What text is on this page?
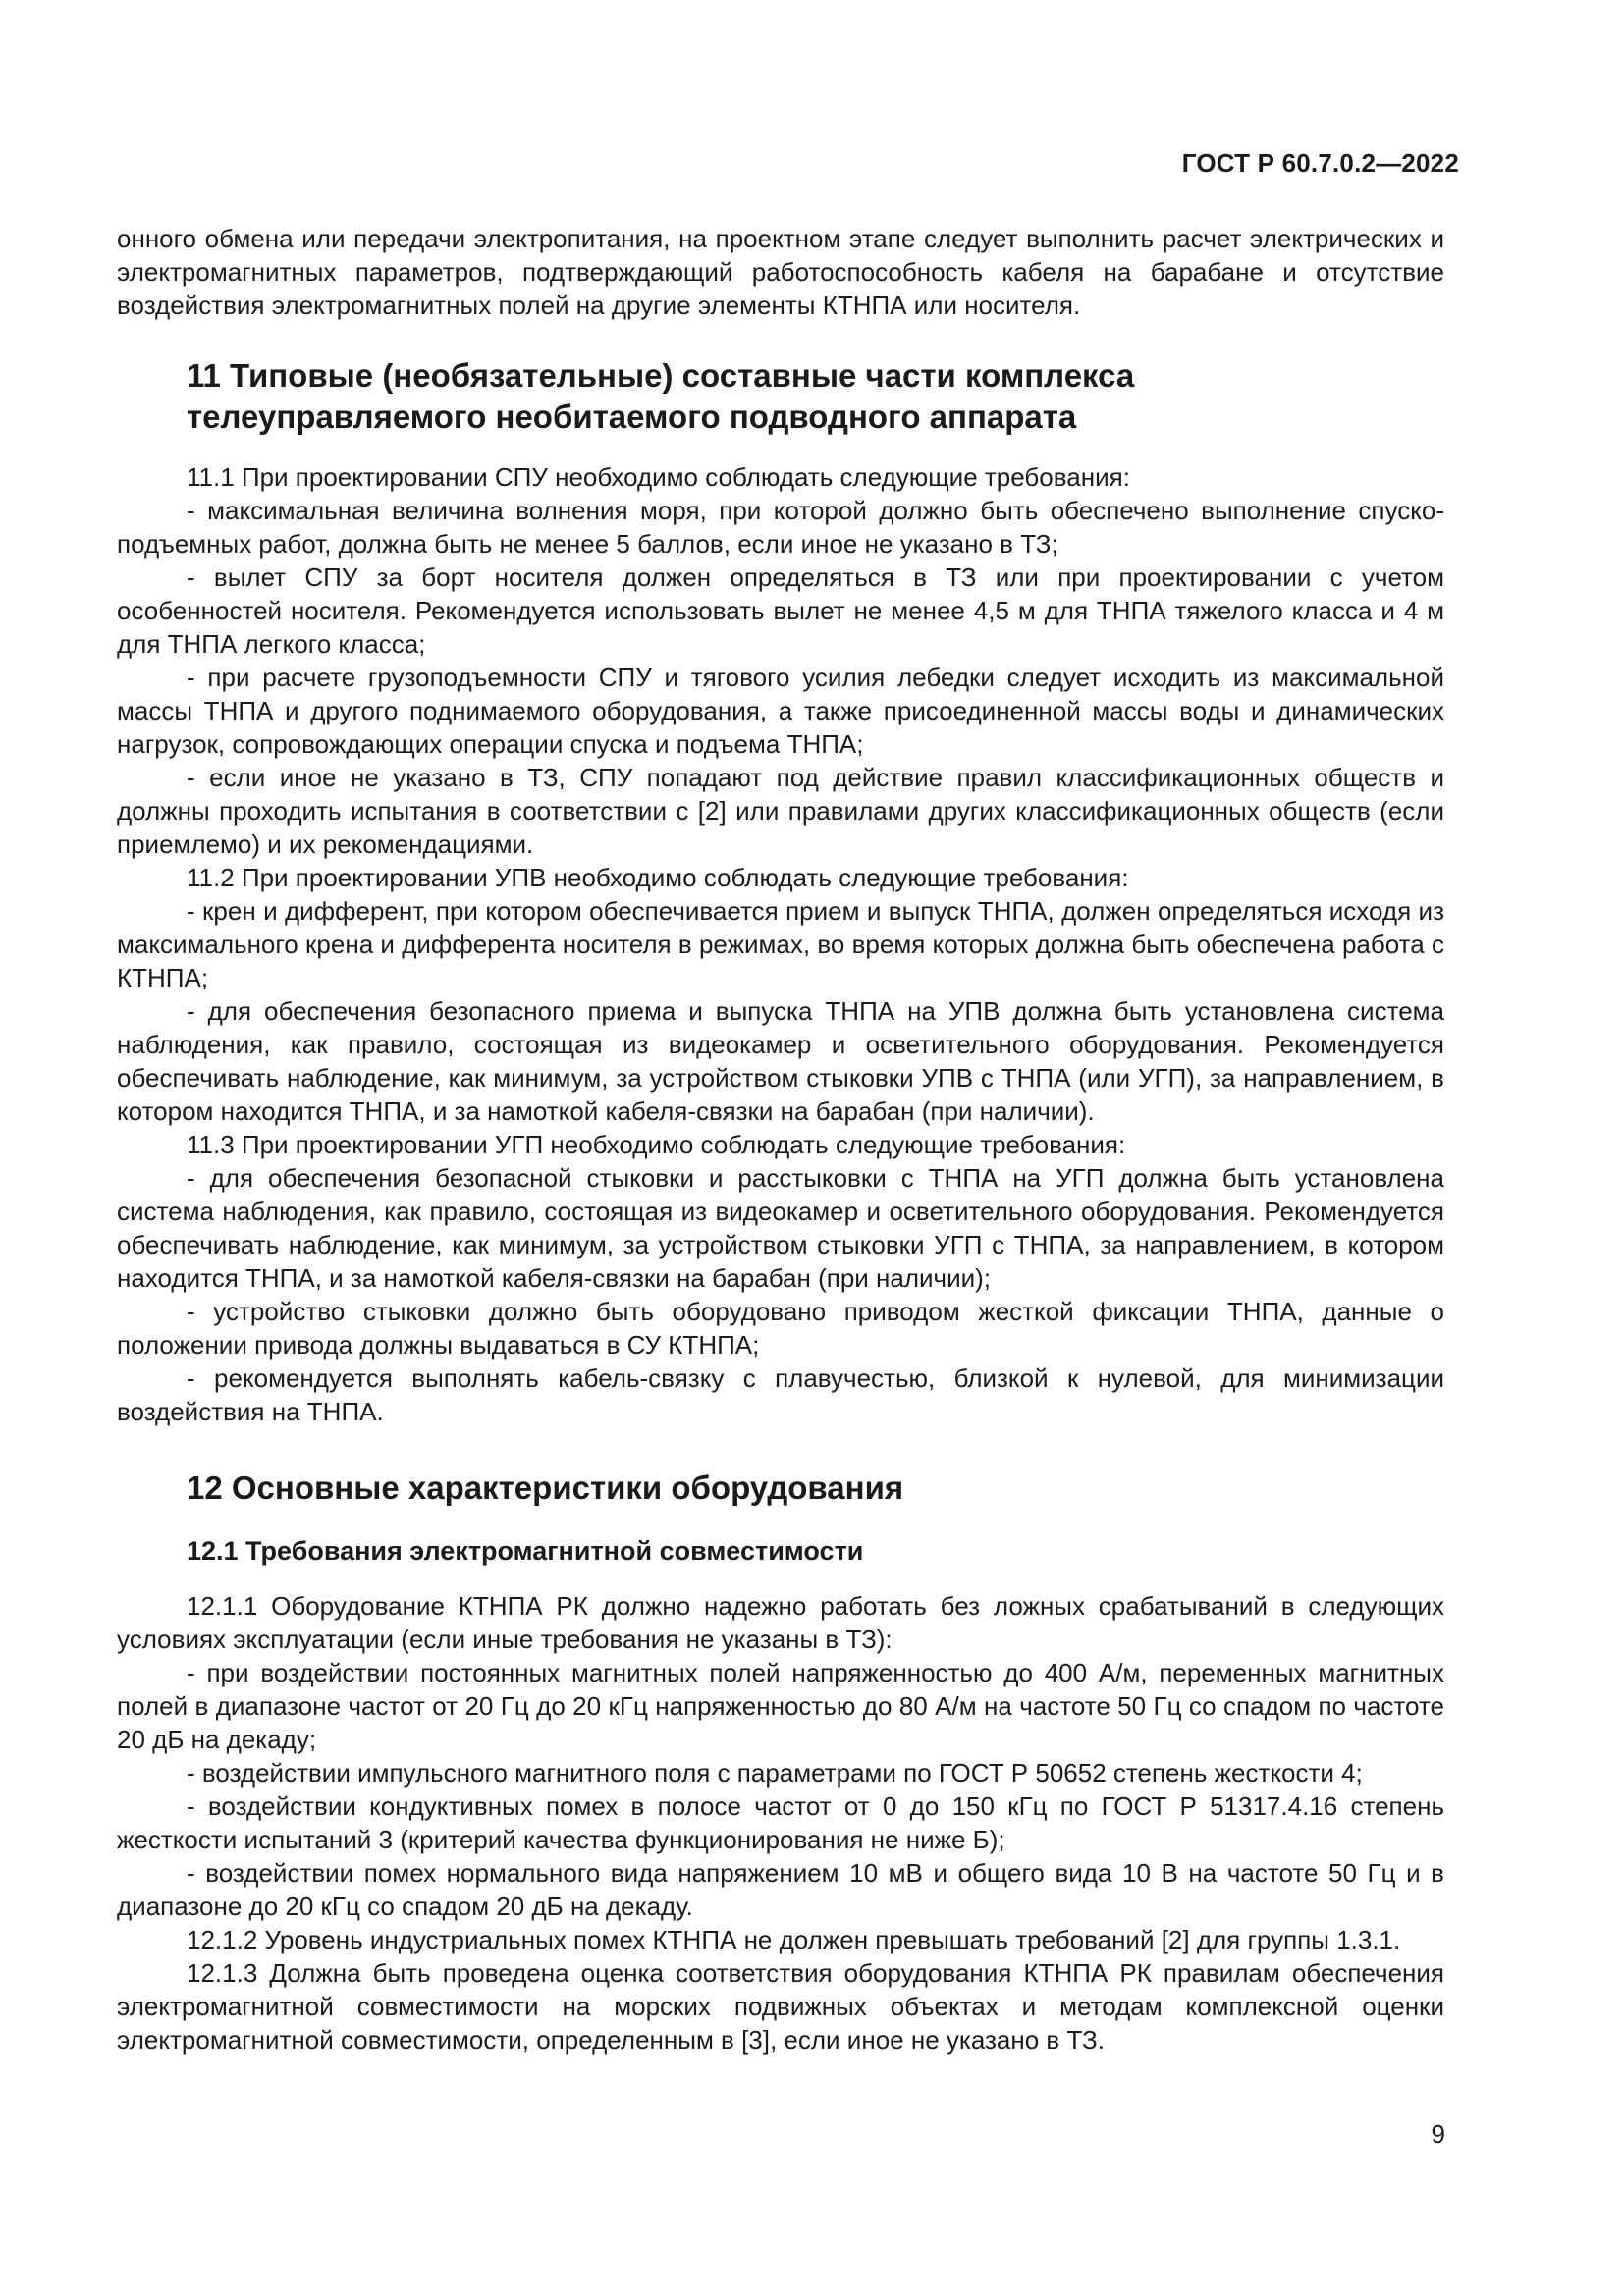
ГОСТ Р 60.7.0.2—2022

онного обмена или передачи электропитания, на проектном этапе следует выполнить расчет электрических и электромагнитных параметров, подтверждающий работоспособность кабеля на барабане и отсутствие воздействия электромагнитных полей на другие элементы КТНПА или носителя.

11 Типовые (необязательные) составные части комплекса
телеуправляемого необитаемого подводного аппарата

11.1 При проектировании СПУ необходимо соблюдать следующие требования:

- максимальная величина волнения моря, при которой должно быть обеспечено выполнение спуско-подъемных работ, должна быть не менее 5 баллов, если иное не указано в ТЗ;

- вылет СПУ за борт носителя должен определяться в ТЗ или при проектировании с учетом особенностей носителя. Рекомендуется использовать вылет не менее 4,5 м для ТНПА тяжелого класса и 4 м для ТНПА легкого класса;

- при расчете грузоподъемности СПУ и тягового усилия лебедки следует исходить из максимальной массы ТНПА и другого поднимаемого оборудования, а также присоединенной массы воды и динамических нагрузок, сопровождающих операции спуска и подъема ТНПА;

- если иное не указано в ТЗ, СПУ попадают под действие правил классификационных обществ и должны проходить испытания в соответствии с [2] или правилами других классификационных обществ (если приемлемо) и их рекомендациями.

11.2 При проектировании УПВ необходимо соблюдать следующие требования:

- крен и дифферент, при котором обеспечивается прием и выпуск ТНПА, должен определяться исходя из максимального крена и дифферента носителя в режимах, во время которых должна быть обеспечена работа с КТНПА;

- для обеспечения безопасного приема и выпуска ТНПА на УПВ должна быть установлена система наблюдения, как правило, состоящая из видеокамер и осветительного оборудования. Рекомендуется обеспечивать наблюдение, как минимум, за устройством стыковки УПВ с ТНПА (или УГП), за направлением, в котором находится ТНПА, и за намоткой кабеля-связки на барабан (при наличии).

11.3 При проектировании УГП необходимо соблюдать следующие требования:

- для обеспечения безопасной стыковки и расстыковки с ТНПА на УГП должна быть установлена система наблюдения, как правило, состоящая из видеокамер и осветительного оборудования. Рекомендуется обеспечивать наблюдение, как минимум, за устройством стыковки УГП с ТНПА, за направлением, в котором находится ТНПА, и за намоткой кабеля-связки на барабан (при наличии);

- устройство стыковки должно быть оборудовано приводом жесткой фиксации ТНПА, данные о положении привода должны выдаваться в СУ КТНПА;

- рекомендуется выполнять кабель-связку с плавучестью, близкой к нулевой, для минимизации воздействия на ТНПА.

12 Основные характеристики оборудования
12.1 Требования электромагнитной совместимости

12.1.1 Оборудование КТНПА РК должно надежно работать без ложных срабатываний в следующих условиях эксплуатации (если иные требования не указаны в ТЗ):

- при воздействии постоянных магнитных полей напряженностью до 400 А/м, переменных магнитных полей в диапазоне частот от 20 Гц до 20 кГц напряженностью до 80 А/м на частоте 50 Гц со спадом по частоте 20 дБ на декаду;

- воздействии импульсного магнитного поля с параметрами по ГОСТ Р 50652 степень жесткости 4;

- воздействии кондуктивных помех в полосе частот от 0 до 150 кГц по ГОСТ Р 51317.4.16 степень жесткости испытаний 3 (критерий качества функционирования не ниже Б);

- воздействии помех нормального вида напряжением 10 мВ и общего вида 10 В на частоте 50 Гц и в диапазоне до 20 кГц со спадом 20 дБ на декаду.

12.1.2 Уровень индустриальных помех КТНПА не должен превышать требований [2] для группы 1.3.1.

12.1.3 Должна быть проведена оценка соответствия оборудования КТНПА РК правилам обеспечения электромагнитной совместимости на морских подвижных объектах и методам комплексной оценки электромагнитной совместимости, определенным в [3], если иное не указано в ТЗ.

9
